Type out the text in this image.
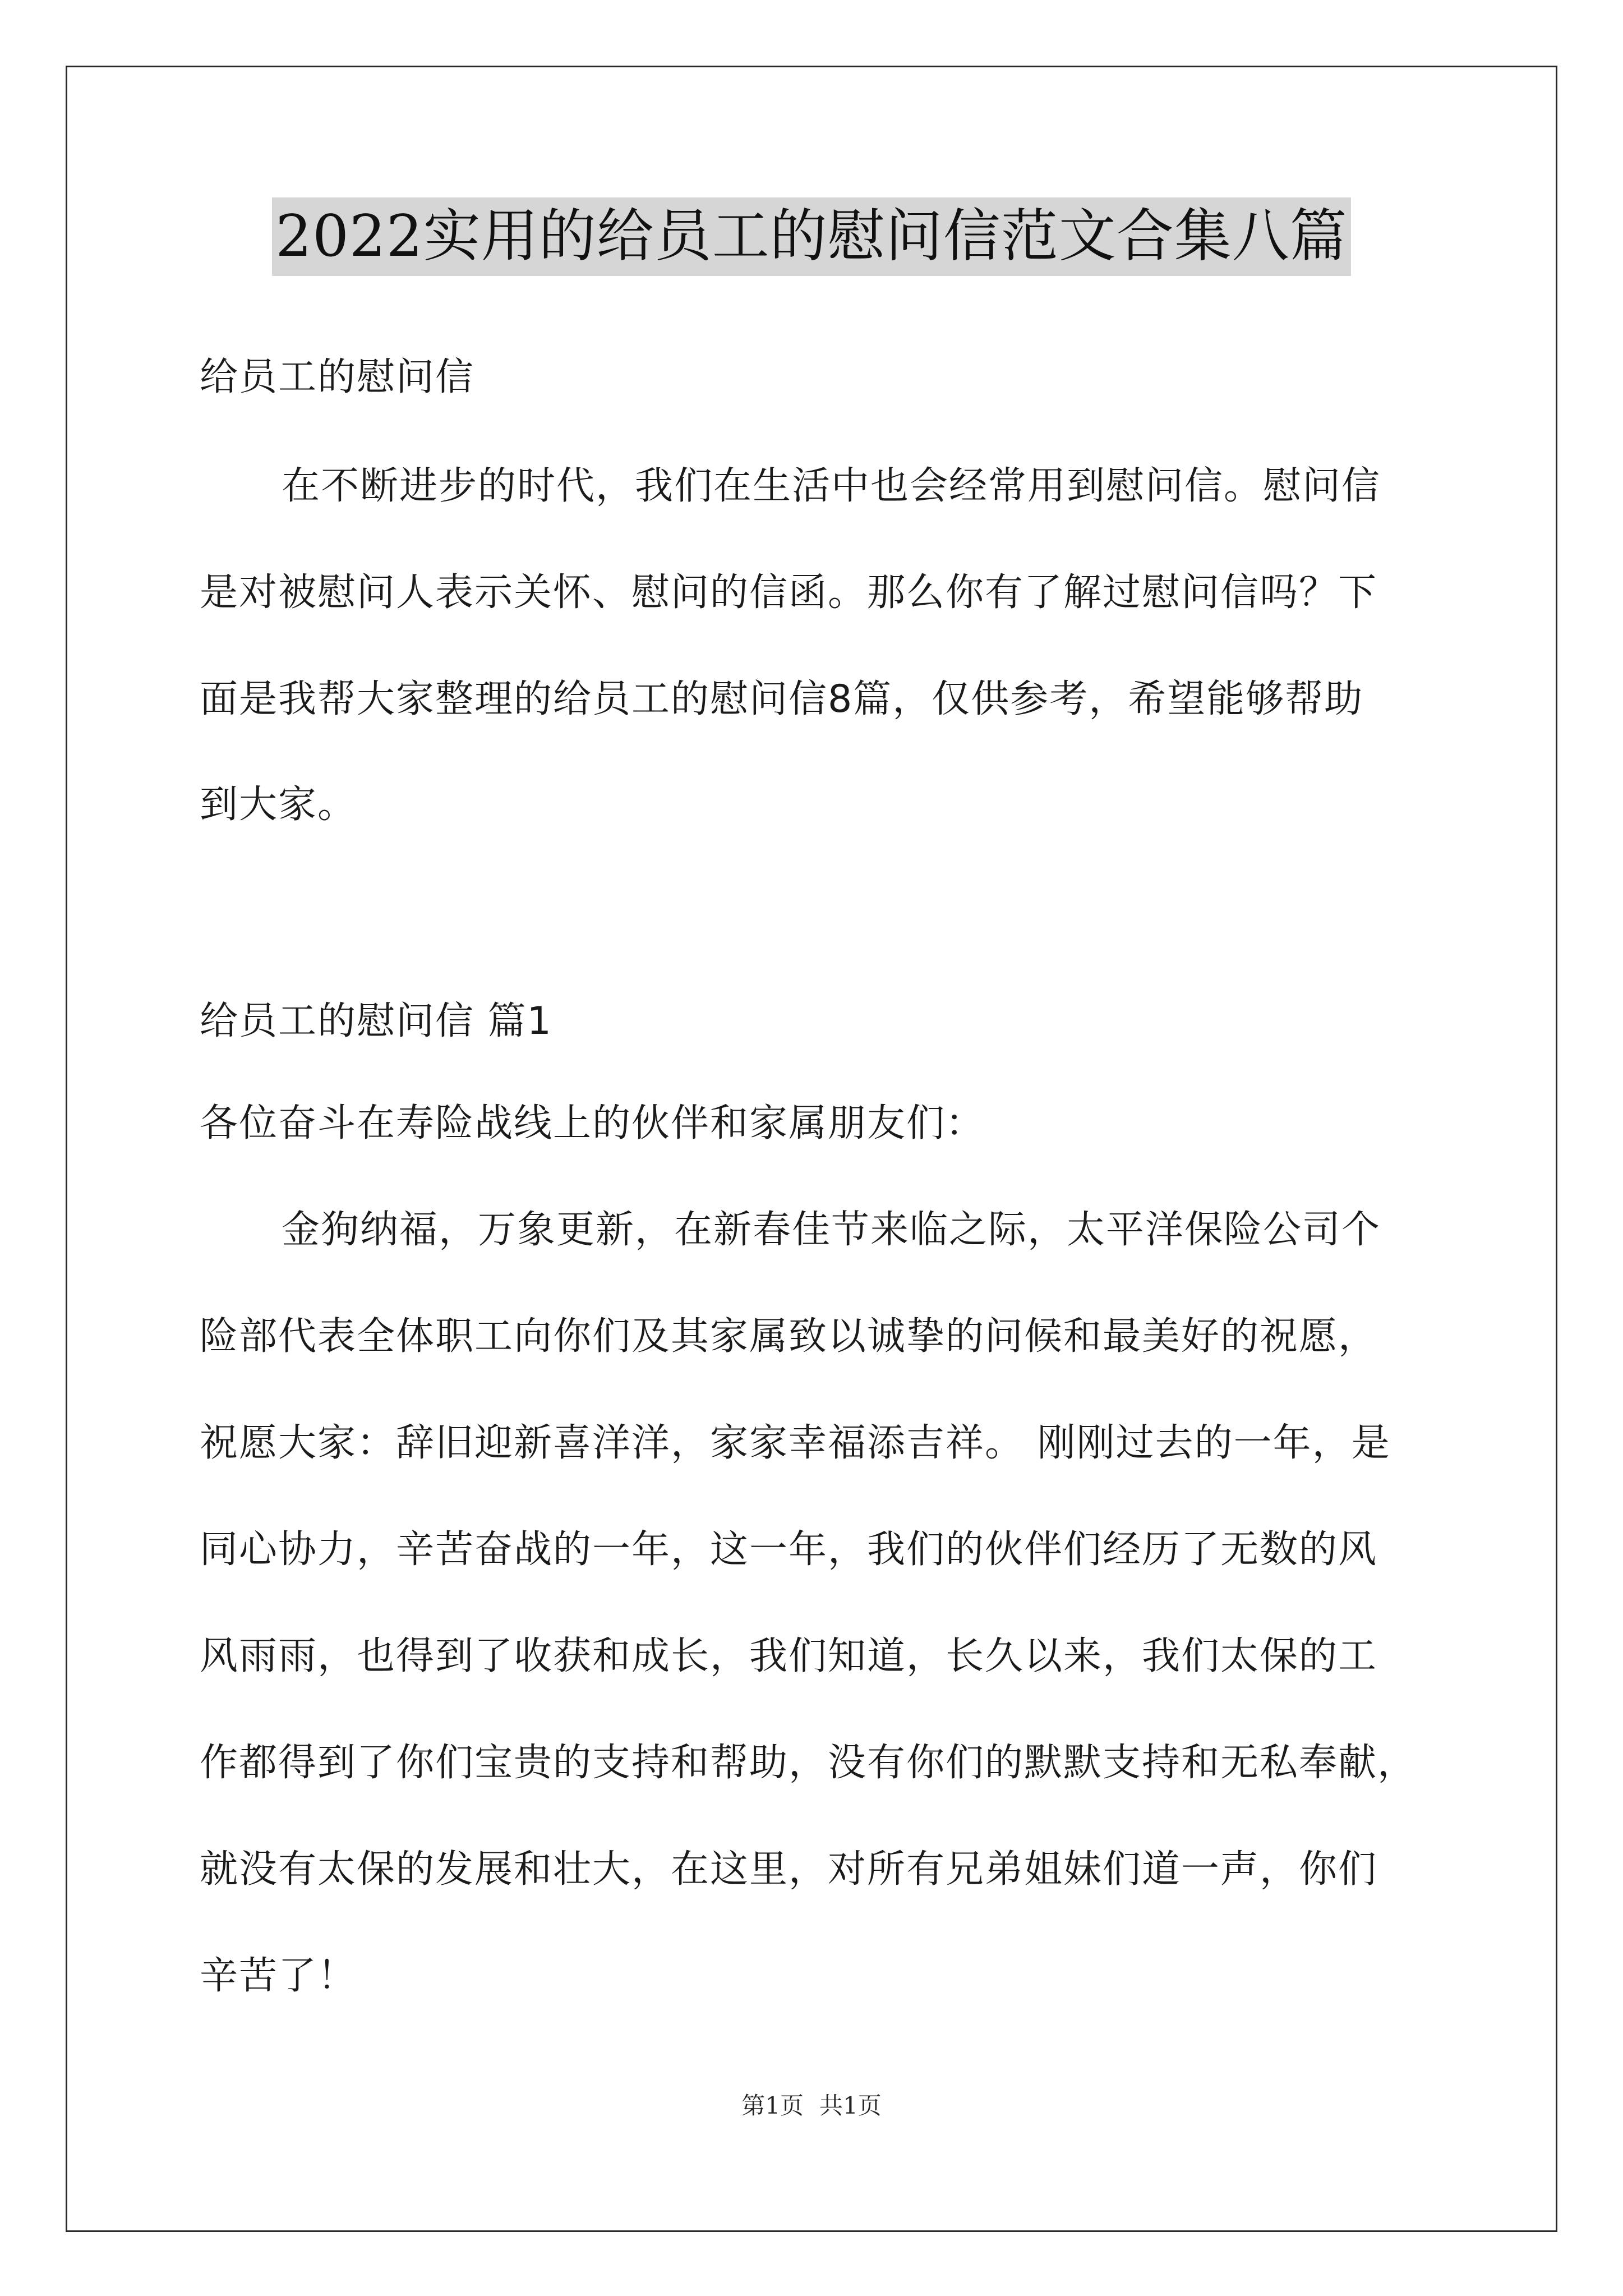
2022实用的给员工的慰问信范文合集八篇
给员工的慰问信
在不断进步的时代，我们在生活中也会经常用到慰问信。慰问信
是对被慰问人表示关怀、慰问的信函。那么你有了解过慰问信吗？下
面是我帮大家整理的给员工的慰问信8篇，仅供参考，希望能够帮助
到大家。
给员工的慰问信 篇1
各位奋斗在寿险战线上的伙伴和家属朋友们：
金狗纳福，万象更新，在新春佳节来临之际，太平洋保险公司个
险部代表全体职工向你们及其家属致以诚挚的问候和最美好的祝愿，
祝愿大家：辞旧迎新喜洋洋，家家幸福添吉祥。 刚刚过去的一年，是
同心协力，辛苦奋战的一年，这一年，我们的伙伴们经历了无数的风
风雨雨，也得到了收获和成长，我们知道，长久以来，我们太保的工
作都得到了你们宝贵的支持和帮助，没有你们的默默支持和无私奉献，
就没有太保的发展和壮大，在这里，对所有兄弟姐妹们道一声，你们
辛苦了！
第1页 共1页
